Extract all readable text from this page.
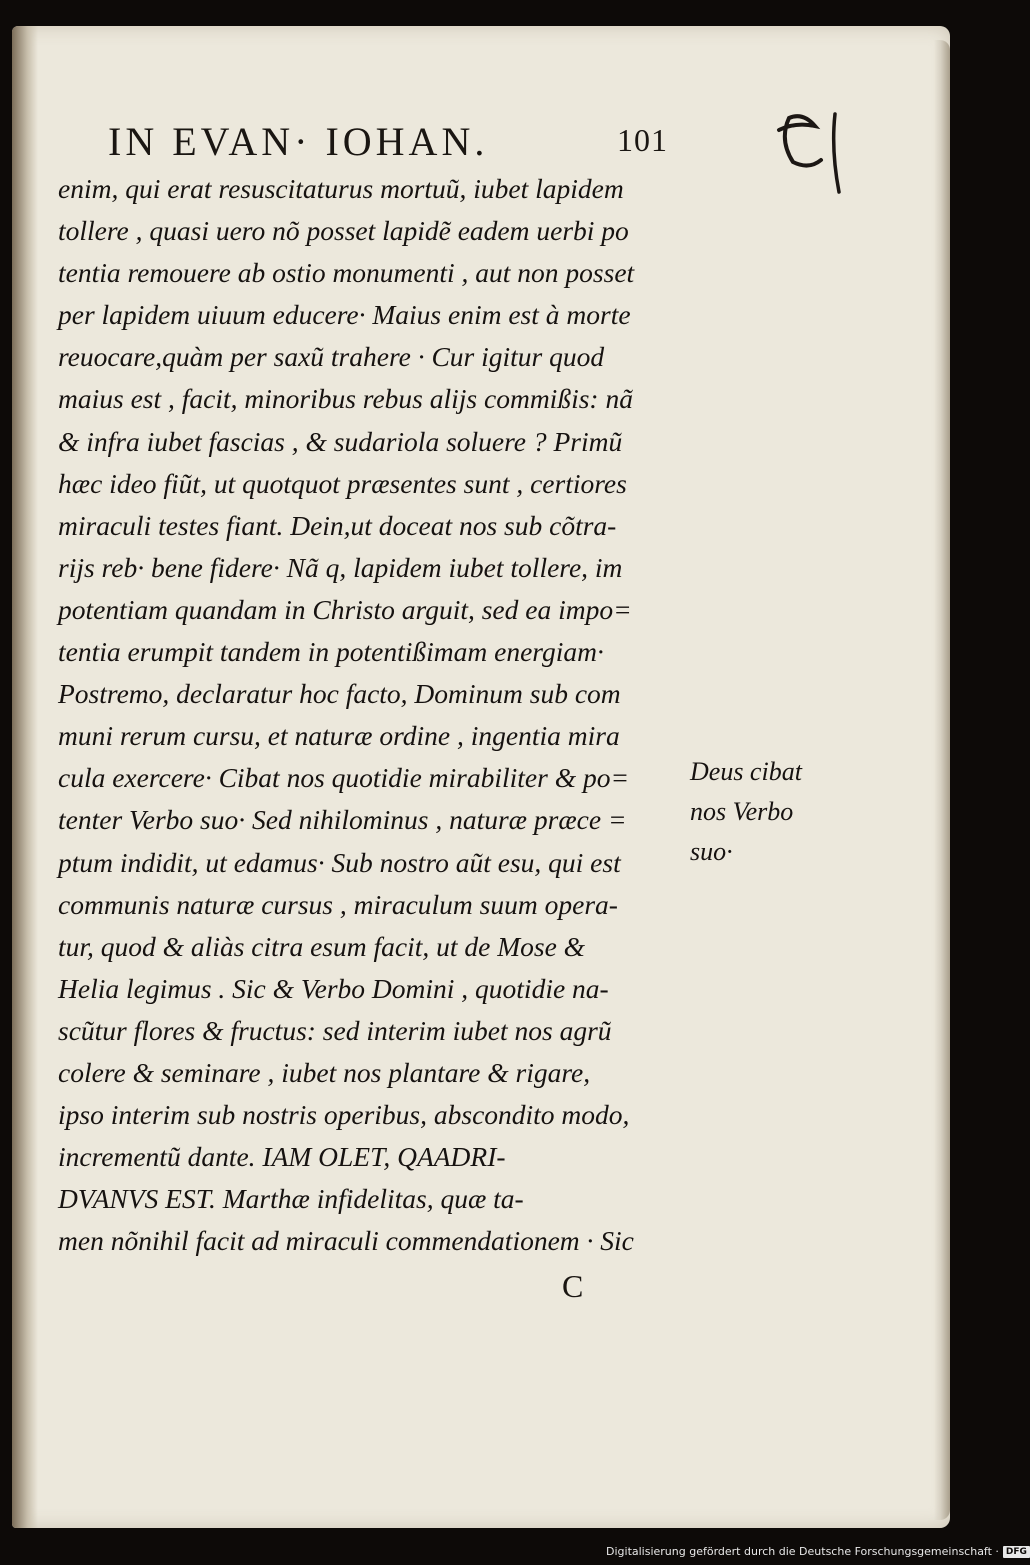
IN EVAN· IOHAN.	101
enim, qui erat resuscitaturus mortuũ, iubet lapidem
tollere , quasi uero nõ posset lapidẽ eadem uerbi po
tentia remouere ab ostio monumenti , aut non posset
per lapidem uiuum educere· Maius enim est à morte
reuocare,quàm per saxũ trahere · Cur igitur quod
maius est , facit, minoribus rebus alijs commißis: nã
& infra iubet fascias , & sudariola soluere ? Primũ
hæc ideo fiũt, ut quotquot præsentes sunt , certiores
miraculi testes fiant. Dein,ut doceat nos sub cõtra-
rijs reb· bene fidere· Nã q, lapidem iubet tollere, im
potentiam quandam in Christo arguit, sed ea impo=
tentia erumpit tandem in potentißimam energiam·
Postremo, declaratur hoc facto, Dominum sub com
muni rerum cursu, et naturæ ordine , ingentia mira
cula exercere· Cibat nos quotidie mirabiliter & po=
tenter Verbo suo· Sed nihilominus , naturæ præce =
ptum indidit, ut edamus· Sub nostro aũt esu, qui est
communis naturæ cursus , miraculum suum opera-
tur, quod & aliàs citra esum facit, ut de Mose &
Helia legimus . Sic & Verbo Domini , quotidie na-
scũtur flores & fructus: sed interim iubet nos agrũ
colere & seminare , iubet nos plantare & rigare,
ipso interim sub nostris operibus, abscondito modo,
incrementũ dante. IAM OLET, QAADRI-
DVANVS EST. Marthæ infidelitas, quæ ta-
men nõnihil facit ad miraculi commendationem · Sic
Deus cibat
nos Verbo
suo·
C
Digitalisierung gefördert durch die Deutsche Forschungsgemeinschaft · DFG
